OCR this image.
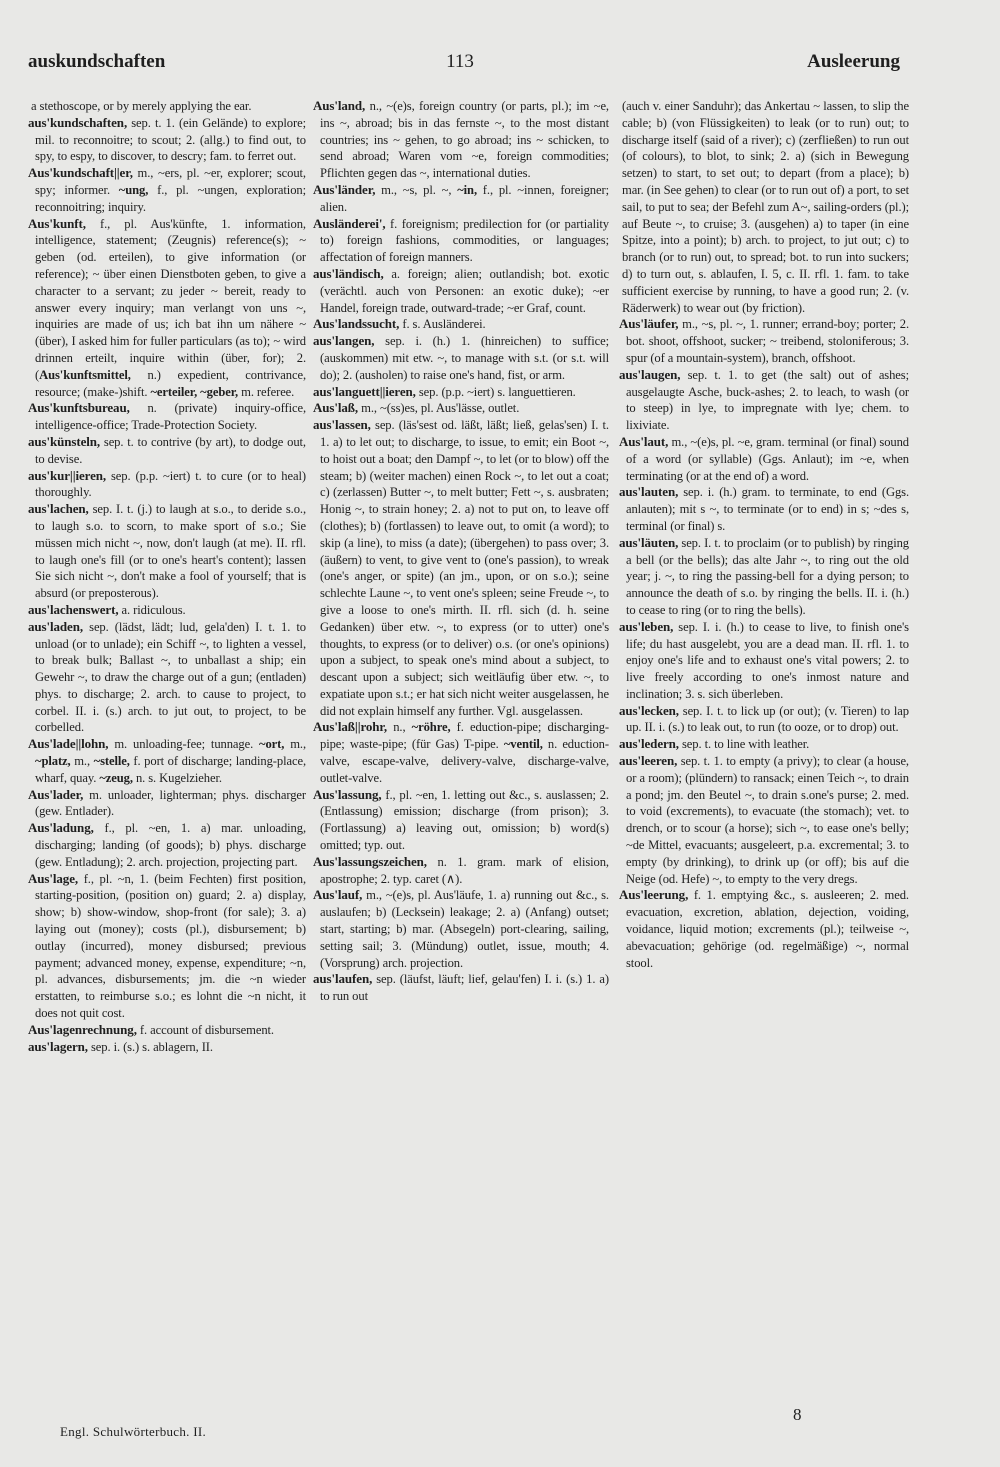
auskundschaften	113	Ausleerung

a stethoscope, or by merely applying the ear.

aus'kundschaften, sep. t. 1. (ein Gelände) to explore; mil. to reconnoitre; to scout; 2. (allg.) to find out, to spy, to espy, to discover, to descry; fam. to ferret out.

Aus'kundschaft||er, m., ~ers, pl. ~er, explorer; scout, spy; informer. ~ung, f., pl. ~ungen, exploration; reconnoitring; inquiry.

Aus'kunft, f., pl. Aus'künfte, 1. information, intelligence, statement; (Zeugnis) reference(s); ~ geben (od. erteilen), to give information (or reference); ~ über einen Dienstboten geben, to give a character to a servant; zu jeder ~ bereit, ready to answer every inquiry; man verlangt von uns ~, inquiries are made of us; ich bat ihn um nähere ~ (über), I asked him for fuller particulars (as to); ~ wird drinnen erteilt, inquire within (über, for); 2. (Aus'kunftsmittel, n.) expedient, contrivance, resource; (make-)shift. ~erteiler, ~geber, m. referee.

Aus'kunftsbureau, n. (private) inquiry-office, intelligence-office; Trade-Protection Society.

aus'künsteln, sep. t. to contrive (by art), to dodge out, to devise.

aus'kur||ieren, sep. (p.p. ~iert) t. to cure (or to heal) thoroughly.

aus'lachen, sep. I. t. (j.) to laugh at s.o., to deride s.o., to laugh s.o. to scorn, to make sport of s.o.; Sie müssen mich nicht ~, now, don't laugh (at me). II. rfl. to laugh one's fill (or to one's heart's content); lassen Sie sich nicht ~, don't make a fool of yourself; that is absurd (or preposterous).

aus'lachenswert, a. ridiculous.

aus'laden, sep. (lädst, lädt; lud, gela'den) I. t. 1. to unload (or to unlade); ein Schiff ~, to lighten a vessel, to break bulk; Ballast ~, to unballast a ship; ein Gewehr ~, to draw the charge out of a gun; (entladen) phys. to discharge; 2. arch. to cause to project, to corbel. II. i. (s.) arch. to jut out, to project, to be corbelled.

Aus'lade||lohn, m. unloading-fee; tunnage. ~ort, m., ~platz, m., ~stelle, f. port of discharge; landing-place, wharf, quay. ~zeug, n. s. Kugelzieher.

Aus'lader, m. unloader, lighterman; phys. discharger (gew. Entlader).

Aus'ladung, f., pl. ~en, 1. a) mar. unloading, discharging; landing (of goods); b) phys. discharge (gew. Entladung); 2. arch. projection, projecting part.

Aus'lage, f., pl. ~n, 1. (beim Fechten) first position, starting-position, (position on) guard; 2. a) display, show; b) show-window, shop-front (for sale); 3. a) laying out (money); costs (pl.), disbursement; b) outlay (incurred), money disbursed; previous payment; advanced money, expense, expenditure; ~n, pl. advances, disbursements; jm. die ~n wieder erstatten, to reimburse s.o.; es lohnt die ~n nicht, it does not quit cost.

Aus'lagenrechnung, f. account of disbursement.

aus'lagern, sep. i. (s.) s. ablagern, II.

Aus'land, n., ~(e)s, foreign country (or parts, pl.); im ~e, ins ~, abroad; bis in das fernste ~, to the most distant countries; ins ~ gehen, to go abroad; ins ~ schicken, to send abroad; Waren vom ~e, foreign commodities; Pflichten gegen das ~, international duties.

Aus'länder, m., ~s, pl. ~, ~in, f., pl. ~innen, foreigner; alien.

Ausländerei', f. foreignism; predilection for (or partiality to) foreign fashions, commodities, or languages; affectation of foreign manners.

aus'ländisch, a. foreign; alien; outlandish; bot. exotic (verächtl. auch von Personen: an exotic duke); ~er Handel, foreign trade, outward-trade; ~er Graf, count.

Aus'landssucht, f. s. Ausländerei.

aus'langen, sep. i. (h.) 1. (hinreichen) to suffice; (auskommen) mit etw. ~, to manage with s.t. (or s.t. will do); 2. (ausholen) to raise one's hand, fist, or arm.

aus'languett||ieren, sep. (p.p. ~iert) s. languettieren.

Aus'laß, m., ~(ss)es, pl. Aus'lässe, outlet.

aus'lassen, sep. (läs'sest od. läßt, läßt; ließ, gelas'sen) I. t. 1. a) to let out; to discharge, to issue, to emit; ein Boot ~, to hoist out a boat; den Dampf ~, to let (or to blow) off the steam; b) (weiter machen) einen Rock ~, to let out a coat; c) (zerlassen) Butter ~, to melt butter; Fett ~, s. ausbraten; Honig ~, to strain honey; 2. a) not to put on, to leave off (clothes); b) (fortlassen) to leave out, to omit (a word); to skip (a line), to miss (a date); (übergehen) to pass over; 3. (äußern) to vent, to give vent to (one's passion), to wreak (one's anger, or spite) (an jm., upon, or on s.o.); seine schlechte Laune ~, to vent one's spleen; seine Freude ~, to give a loose to one's mirth. II. rfl. sich (d. h. seine Gedanken) über etw. ~, to express (or to utter) one's thoughts, to express (or to deliver) o.s. (or one's opinions) upon a subject, to speak one's mind about a subject, to descant upon a subject; sich weitläufig über etw. ~, to expatiate upon s.t.; er hat sich nicht weiter ausgelassen, he did not explain himself any further. Vgl. ausgelassen.

Aus'laß||rohr, n., ~röhre, f. eduction-pipe; discharging-pipe; waste-pipe; (für Gas) T-pipe. ~ventil, n. eduction-valve, escape-valve, delivery-valve, discharge-valve, outlet-valve.

Aus'lassung, f., pl. ~en, 1. letting out &c., s. auslassen; 2. (Entlassung) emission; discharge (from prison); 3. (Fortlassung) a) leaving out, omission; b) word(s) omitted; typ. out.

Aus'lassungszeichen, n. 1. gram. mark of elision, apostrophe; 2. typ. caret (∧).

Aus'lauf, m., ~(e)s, pl. Aus'läufe, 1. a) running out &c., s. auslaufen; b) (Lecksein) leakage; 2. a) (Anfang) outset; start, starting; b) mar. (Absegeln) port-clearing, sailing, setting sail; 3. (Mündung) outlet, issue, mouth; 4. (Vorsprung) arch. projection.

aus'laufen, sep. (läufst, läuft; lief, gelau'fen) I. i. (s.) 1. a) to run out

(auch v. einer Sanduhr); das Ankertau ~ lassen, to slip the cable; b) (von Flüssigkeiten) to leak (or to run) out; to discharge itself (said of a river); c) (zerfließen) to run out (of colours), to blot, to sink; 2. a) (sich in Bewegung setzen) to start, to set out; to depart (from a place); b) mar. (in See gehen) to clear (or to run out of) a port, to set sail, to put to sea; der Befehl zum A~, sailing-orders (pl.); auf Beute ~, to cruise; 3. (ausgehen) a) to taper (in eine Spitze, into a point); b) arch. to project, to jut out; c) to branch (or to run) out, to spread; bot. to run into suckers; d) to turn out, s. ablaufen, I. 5, c. II. rfl. 1. fam. to take sufficient exercise by running, to have a good run; 2. (v. Räderwerk) to wear out (by friction).

Aus'läufer, m., ~s, pl. ~, 1. runner; errand-boy; porter; 2. bot. shoot, offshoot, sucker; ~ treibend, stoloniferous; 3. spur (of a mountain-system), branch, offshoot.

aus'laugen, sep. t. 1. to get (the salt) out of ashes; ausgelaugte Asche, buck-ashes; 2. to leach, to wash (or to steep) in lye, to impregnate with lye; chem. to lixiviate.

Aus'laut, m., ~(e)s, pl. ~e, gram. terminal (or final) sound of a word (or syllable) (Ggs. Anlaut); im ~e, when terminating (or at the end of) a word.

aus'lauten, sep. i. (h.) gram. to terminate, to end (Ggs. anlauten); mit s ~, to terminate (or to end) in s; ~des s, terminal (or final) s.

aus'läuten, sep. I. t. to proclaim (or to publish) by ringing a bell (or the bells); das alte Jahr ~, to ring out the old year; j. ~, to ring the passing-bell for a dying person; to announce the death of s.o. by ringing the bells. II. i. (h.) to cease to ring (or to ring the bells).

aus'leben, sep. I. i. (h.) to cease to live, to finish one's life; du hast ausgelebt, you are a dead man. II. rfl. 1. to enjoy one's life and to exhaust one's vital powers; 2. to live freely according to one's inmost nature and inclination; 3. s. sich überleben.

aus'lecken, sep. I. t. to lick up (or out); (v. Tieren) to lap up. II. i. (s.) to leak out, to run (to ooze, or to drop) out.

aus'ledern, sep. t. to line with leather.

aus'leeren, sep. t. 1. to empty (a privy); to clear (a house, or a room); (plündern) to ransack; einen Teich ~, to drain a pond; jm. den Beutel ~, to drain s.one's purse; 2. med. to void (excrements), to evacuate (the stomach); vet. to drench, or to scour (a horse); sich ~, to ease one's belly; ~de Mittel, evacuants; ausgeleert, p.a. excremental; 3. to empty (by drinking), to drink up (or off); bis auf die Neige (od. Hefe) ~, to empty to the very dregs.

Aus'leerung, f. 1. emptying &c., s. ausleeren; 2. med. evacuation, excretion, ablation, dejection, voiding, voidance, liquid motion; excrements (pl.); teilweise ~, abevacuation; gehörige (od. regelmäßige) ~, normal stool.

Engl. Schulwörterbuch. II.
8
